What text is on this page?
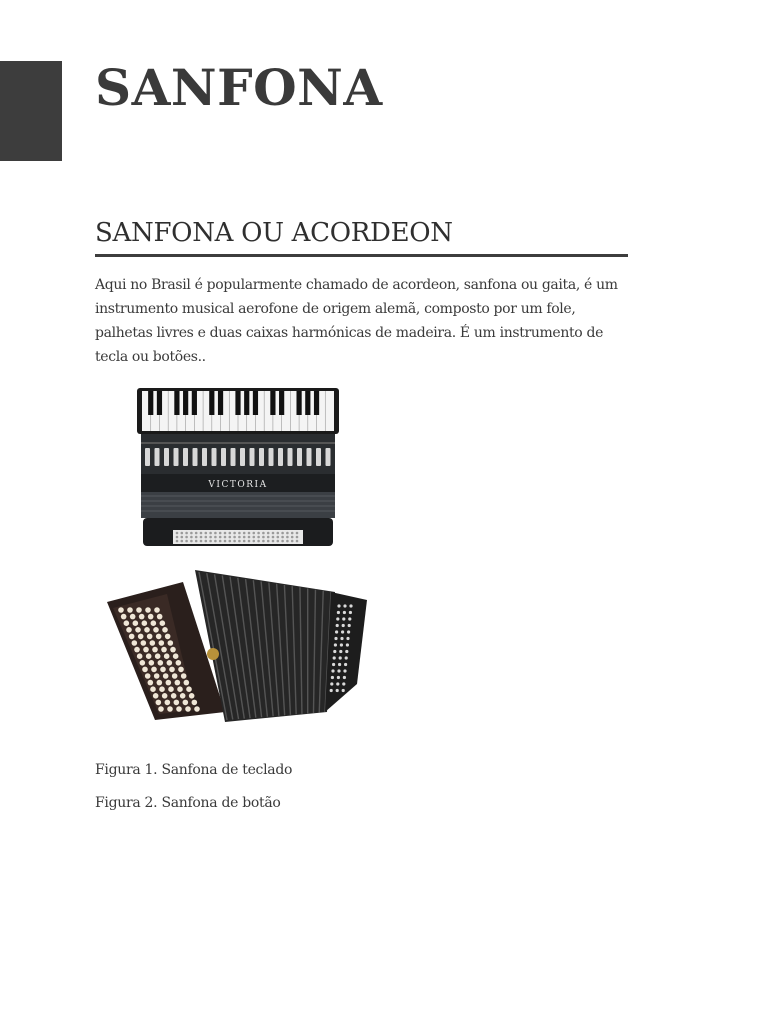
SANFONA
SANFONA OU ACORDEON

Aqui no Brasil é popularmente chamado de acordeon, sanfona ou gaita, é um instrumento musical aerofone de origem alemã, composto por um fole, palhetas livres e duas caixas harmónicas de madeira. É um instrumento de tecla ou botões..

VICTORIA

Figura 1. Sanfona de teclado

Figura 2. Sanfona de botão
